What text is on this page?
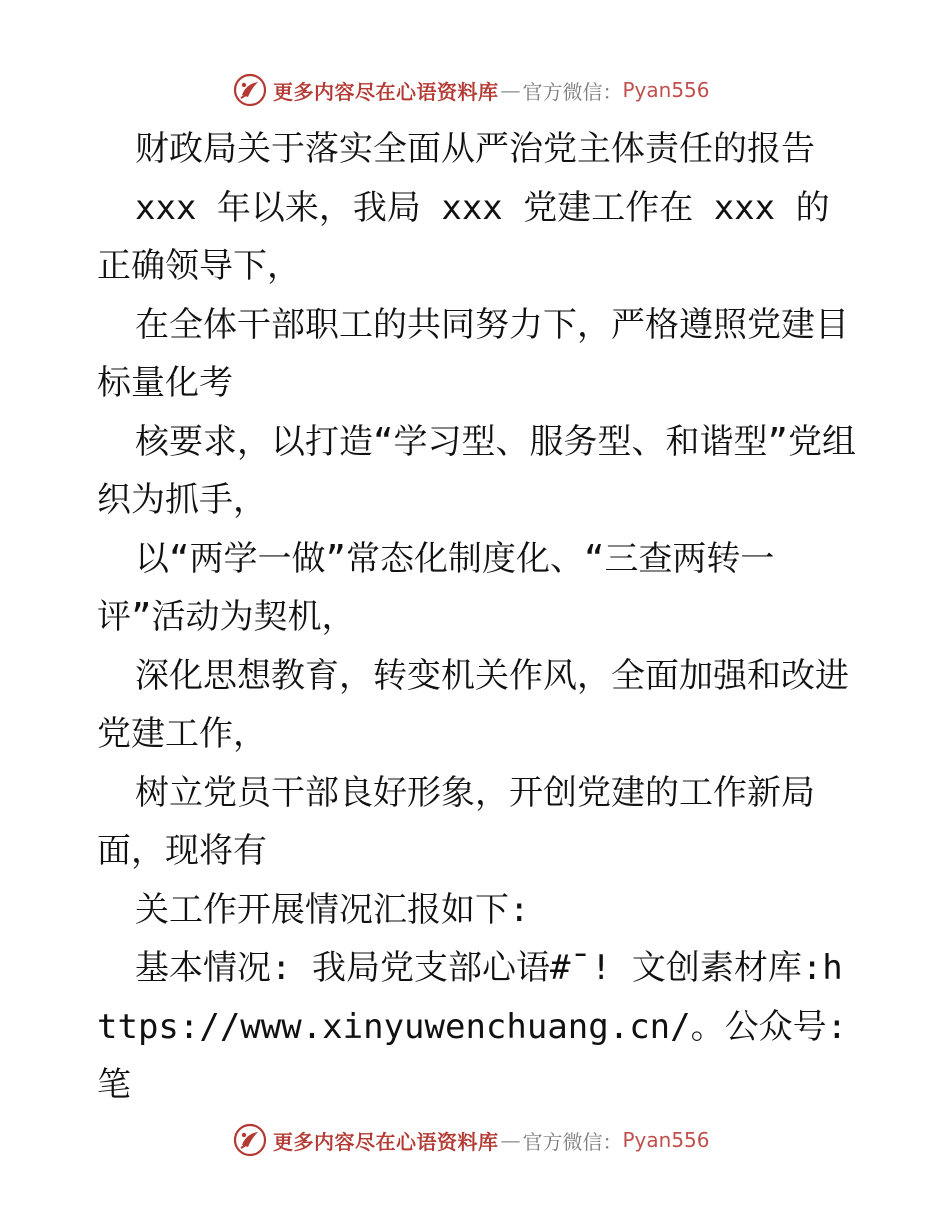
更多内容尽在心语资料库 — 官方微信： Pyan556

财政局关于落实全面从严治党主体责任的报告

xxx 年以来，我局 xxx 党建工作在 xxx 的正确领导下，

在全体干部职工的共同努力下，严格遵照党建目标量化考

核要求，以打造“学习型、服务型、和谐型”党组织为抓手，

以“两学一做”常态化制度化、“三查两转一评”活动为契机，

深化思想教育，转变机关作风，全面加强和改进党建工作，

树立党员干部良好形象，开创党建的工作新局面，现将有

关工作开展情况汇报如下:

基本情况: 我局党支部心语#¯! 文创素材库:https://www.xinyuwenchuang.cn/。公众号: 笔

更多内容尽在心语资料库 — 官方微信： Pyan556
